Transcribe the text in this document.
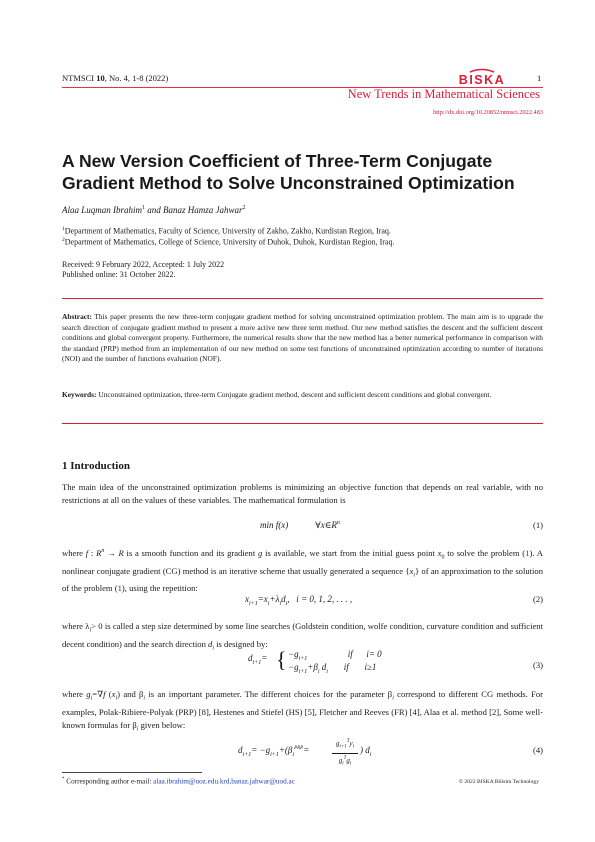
NTMSCI 10, No. 4, 1-8 (2022)	BISKA	1
New Trends in Mathematical Sciences
http://dx.doi.org/10.20852/ntmsci.2022.483
A New Version Coefficient of Three-Term Conjugate
Gradient Method to Solve Unconstrained Optimization
Alaa Luqman Ibrahim$^1$ and Banaz Hamza Jahwar$^2$
$^1$Department of Mathematics, Faculty of Science, University of Zakho, Zakho, Kurdistan Region, Iraq.
$^2$Department of Mathematics, College of Science, University of Duhok, Duhok, Kurdistan Region, Iraq.
Received: 9 February 2022, Accepted: 1 July 2022
Published online: 31 October 2022.
Abstract: This paper presents the new three-term conjugate gradient method for solving unconstrained optimization problem. The main aim is to upgrade the search direction of conjugate gradient method to present a more active new three term method. Our new method satisfies the descent and the sufficient descent conditions and global convergent property. Furthermore, the numerical results show that the new method has a better numerical performance in comparison with the standard (PRP) method from an implementation of our new method on some test functions of unconstrained optimization according to number of iterations (NOI) and the number of functions evaluation (NOF).
Keywords: Unconstrained optimization, three-term Conjugate gradient method, descent and sufficient descent conditions and global convergent.
1 Introduction
The main idea of the unconstrained optimization problems is minimizing an objective function that depends on real variable, with no restrictions at all on the values of these variables. The mathematical formulation is
min f(x)            $\forall x\in R^n$	(1)
where f : $R^n \to R$ is a smooth function and its gradient g is available, we start from the initial guess point $x_0$ to solve the problem (1). A nonlinear conjugate gradient (CG) method is an iterative scheme that usually generated a sequence $\{x_i\}$ of an approximation to the solution of the problem (1), using the repetition:
$x_{i+1}=x_i+\lambda_id_i$,   i = 0, 1, 2, . . . ,	(2)
where $\lambda_i> 0$ is called a step size determined by some line searches (Goldstein condition, wolfe condition, curvature condition and sufficient decent condition) and the search direction $d_i$ is designed by:
$d_{i+1}=$ { $-g_{i+1}$	if i= 0
$-g_{i+1}+\beta_i$ $d_i$ if i≥1	(3)
where $g_i=\nabla f$ $(x_i)$ and $\beta_i$ is an important parameter. The different choices for the parameter $\beta_i$ correspond to different CG methods. For examples, Polak-Ribiere-Polyak (PRP) [8], Hestenes and Stiefel (HS) [5], Fletcher and Reeves (FR) [4], Alaa et al. method [2], Some well-known formulas for $\beta_i$ given below:
$d_{i+1}= -g_{i+1}+(\beta_i^{PRP}=$
$g_{i+1}^Ty_i$
$g_i^Tg_i$
) $d_i$	(4)
* Corresponding author e-mail: alaa.ibrahim@uoz.edu.krd,banaz.jahwar@uod.ac	© 2022 BISKA Bilisim Technology
